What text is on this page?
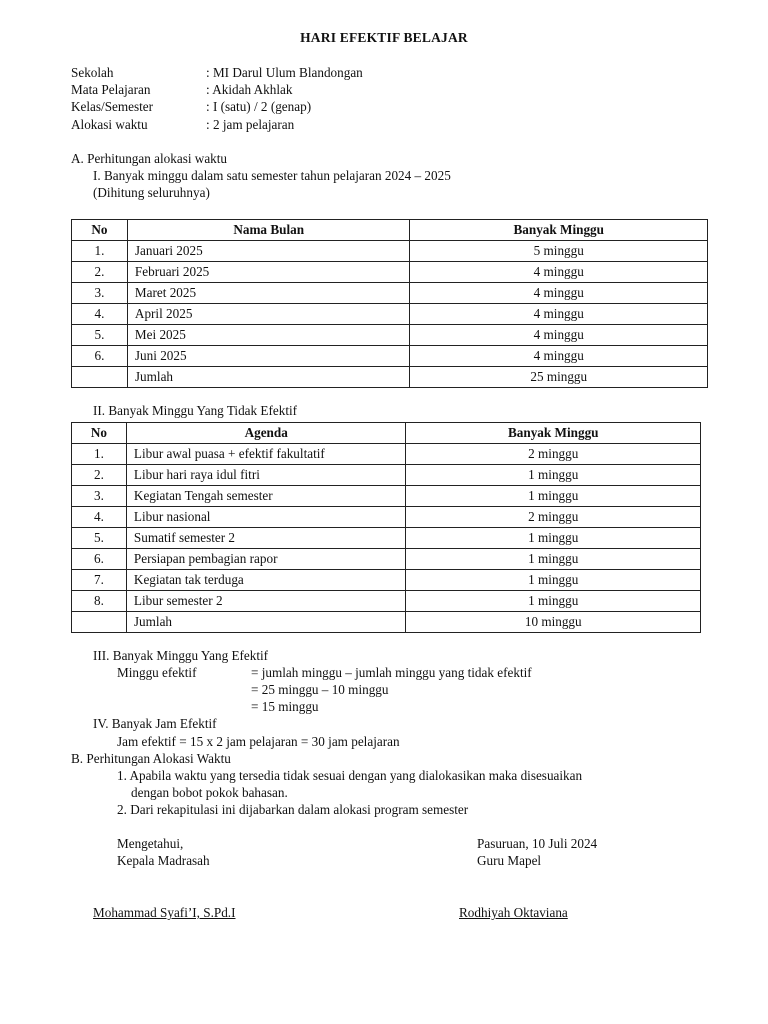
HARI EFEKTIF BELAJAR
Sekolah	: MI Darul Ulum Blandongan
Mata Pelajaran	: Akidah Akhlak
Kelas/Semester	: I (satu) / 2 (genap)
Alokasi waktu	: 2 jam pelajaran
A. Perhitungan alokasi waktu
I. Banyak minggu dalam satu semester tahun pelajaran 2024 – 2025
(Dihitung seluruhnya)
No	Nama Bulan	Banyak Minggu
1.	Januari 2025	5 minggu
2.	Februari 2025	4 minggu
3.	Maret 2025	4 minggu
4.	April 2025	4 minggu
5.	Mei 2025	4 minggu
6.	Juni 2025	4 minggu
	Jumlah	25 minggu
II. Banyak Minggu Yang Tidak Efektif
No	Agenda	Banyak Minggu
1.	Libur awal puasa + efektif fakultatif	2 minggu
2.	Libur hari raya idul fitri	1 minggu
3.	Kegiatan Tengah semester	1 minggu
4.	Libur nasional	2 minggu
5.	Sumatif semester 2	1 minggu
6.	Persiapan pembagian rapor	1 minggu
7.	Kegiatan tak terduga	1 minggu
8.	Libur semester 2	1 minggu
	Jumlah	10 minggu
III. Banyak Minggu Yang Efektif
Minggu efektif	= jumlah minggu – jumlah minggu yang tidak efektif
= 25 minggu – 10 minggu
= 15 minggu
IV. Banyak Jam Efektif
Jam efektif = 15 x 2 jam pelajaran = 30 jam pelajaran
B. Perhitungan Alokasi Waktu
1. Apabila waktu yang tersedia tidak sesuai dengan yang dialokasikan maka disesuaikan
dengan bobot pokok bahasan.
2. Dari rekapitulasi ini dijabarkan dalam alokasi program semester
Mengetahui,
Kepala Madrasah
Mohammad Syafi’I, S.Pd.I
Pasuruan, 10 Juli 2024
Guru Mapel
Rodhiyah Oktaviana
